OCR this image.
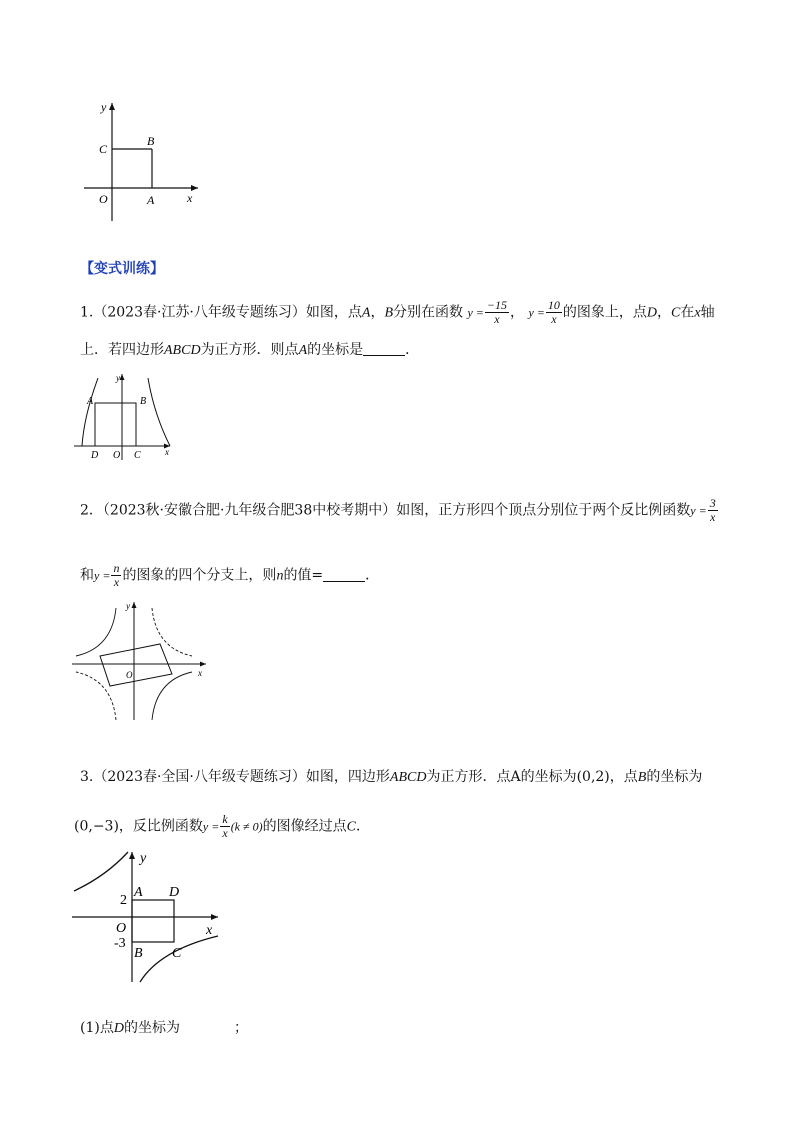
y
C
B
O	A	x
【变式训练】
1.（2023春·江苏·八年级专题练习）如图，点A，B分别在函数 $y = \frac{-15}{x}$ ， $y = \frac{10}{x}$ 的图象上，点D，C在x轴
上．若四边形ABCD为正方形．则点A的坐标是	．
y
A	B
D O C	x
2．（2023秋·安徽合肥·九年级合肥38中校考期中）如图，正方形四个顶点分别位于两个反比例函数$y = \frac{3}{x}$
和$y = \frac{n}{x}$ 的图象的四个分支上，则n的值=	．
y
O	x
3.（2023春·全国·八年级专题练习）如图，四边形ABCD为正方形．点A的坐标为(0,2)，点B的坐标为
(0,−3)，反比例函数$y = \frac{k}{x} (k \ne 0)$的图像经过点C．
y
2
A D
O	x
-3
B C
(1)点D的坐标为	；
